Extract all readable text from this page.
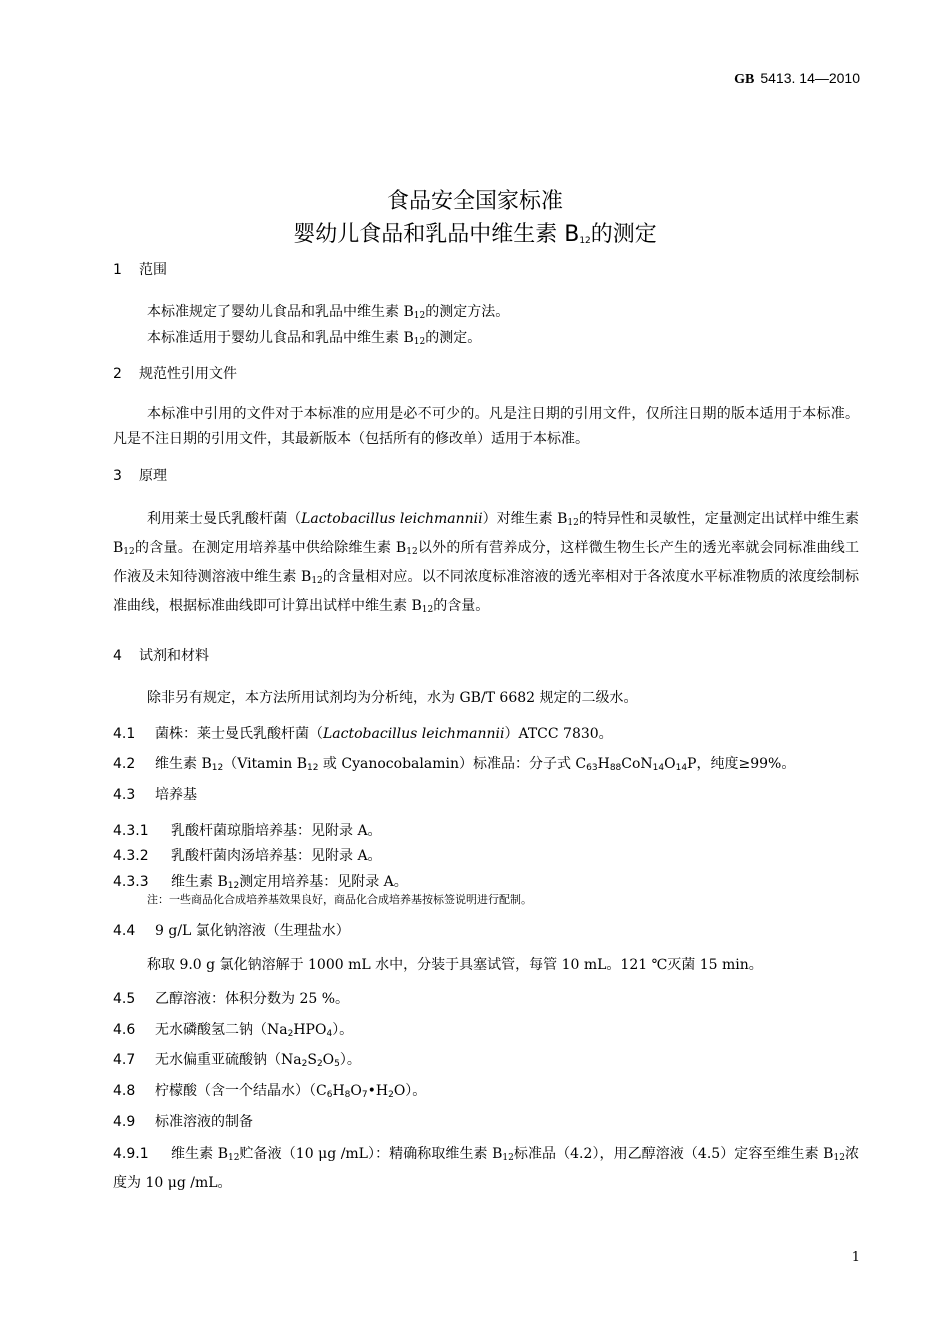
GB 5413. 14—2010
食品安全国家标准
婴幼儿食品和乳品中维生素 $B_{12}$的测定
1 范围
本标准规定了婴幼儿食品和乳品中维生素 $B_{12}$的测定方法。
本标准适用于婴幼儿食品和乳品中维生素 $B_{12}$的测定。
2 规范性引用文件
本标准中引用的文件对于本标准的应用是必不可少的。凡是注日期的引用文件，仅所注日期的版本适用于本标准。凡是不注日期的引用文件，其最新版本（包括所有的修改单）适用于本标准。
3 原理
利用莱士曼氏乳酸杆菌（Lactobacillus leichmannii）对维生素 $B_{12}$的特异性和灵敏性，定量测定出试样中维生素 $B_{12}$的含量。在测定用培养基中供给除维生素 $B_{12}$以外的所有营养成分，这样微生物生长产生的透光率就会同标准曲线工作液及未知待测溶液中维生素 $B_{12}$的含量相对应。以不同浓度标准溶液的透光率相对于各浓度水平标准物质的浓度绘制标准曲线，根据标准曲线即可计算出试样中维生素 $B_{12}$的含量。
4 试剂和材料
除非另有规定，本方法所用试剂均为分析纯，水为 GB/T 6682 规定的二级水。
4.1 菌株：莱士曼氏乳酸杆菌（Lactobacillus leichmannii）ATCC 7830。
4.2 维生素 $B_{12}(Vitamin$ $B_{12}$ 或 Cyanocobalamin）标准品：分子式 $C_{63}H_{88}CoN_{14}O_{14}P$，纯度≥99%。
4.3 培养基
4.3.1 乳酸杆菌琼脂培养基：见附录 A。
4.3.2 乳酸杆菌肉汤培养基：见附录 A。
4.3.3 维生素 $B_{12}$测定用培养基：见附录 A。
注：一些商品化合成培养基效果良好，商品化合成培养基按标签说明进行配制。
4.4 9 g/L 氯化钠溶液（生理盐水）
称取 9.0 g 氯化钠溶解于 1000 mL 水中，分装于具塞试管，每管 10 mL。121 ℃灭菌 15 min。
4.5 乙醇溶液：体积分数为 25 %。
4.6 无水磷酸氢二钠$(Na_2HPO_4)$。
4.7 无水偏重亚硫酸钠$(Na_2S_2O_5)$。
4.8 柠檬酸（含一个结晶水）$(C_6H_8O_7•H_2O)$。
4.9 标准溶液的制备
4.9.1 维生素 $B_{12}$贮备液（10 μg /mL）：精确称取维生素 $B_{12}$标准品（4.2），用乙醇溶液（4.5）定容至维生素 $B_{12}$浓度为 10 μg /mL。
1
